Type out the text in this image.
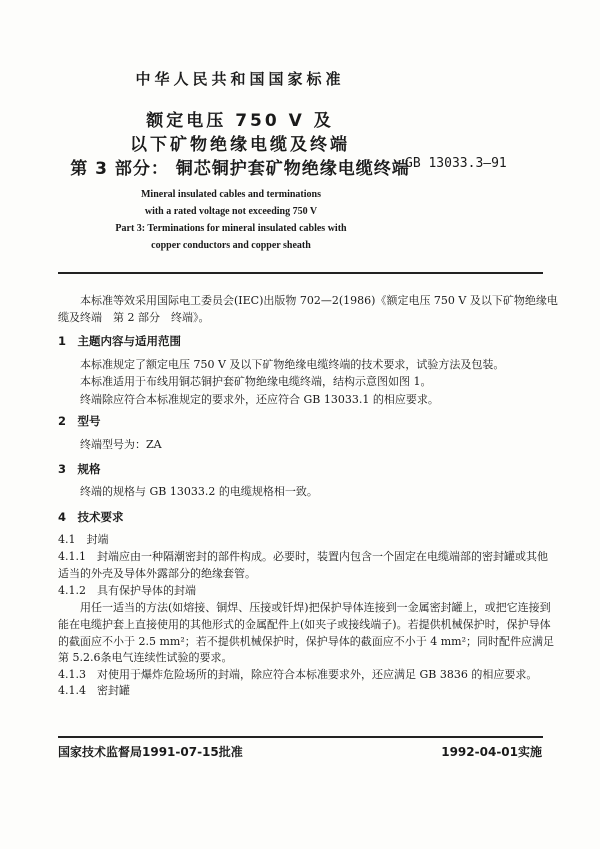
中华人民共和国国家标准
额定电压 750 V 及
以下矿物绝缘电缆及终端
第 3 部分： 铜芯铜护套矿物绝缘电缆终端
GB 13033.3—91
Mineral insulated cables and terminations
with a rated voltage not exceeding 750 V
Part 3: Terminations for mineral insulated cables with
copper conductors and copper sheath
本标准等效采用国际电工委员会(IEC)出版物 702—2(1986)《额定电压 750 V 及以下矿物绝缘电
缆及终端　第 2 部分　终端》。
1　主题内容与适用范围
本标准规定了额定电压 750 V 及以下矿物绝缘电缆终端的技术要求，试验方法及包装。
本标准适用于布线用铜芯铜护套矿物绝缘电缆终端，结构示意图如图 1。
终端除应符合本标准规定的要求外，还应符合 GB 13033.1 的相应要求。
2　型号
终端型号为：ZA
3　规格
终端的规格与 GB 13033.2 的电缆规格相一致。
4　技术要求
4.1　封端
4.1.1　封端应由一种隔潮密封的部件构成。必要时，装置内包含一个固定在电缆端部的密封罐或其他
适当的外壳及导体外露部分的绝缘套管。
4.1.2　具有保护导体的封端
用任一适当的方法(如熔接、铜焊、压接或钎焊)把保护导体连接到一金属密封罐上，或把它连接到
能在电缆护套上直接使用的其他形式的金属配件上(如夹子或接线端子)。若提供机械保护时，保护导体
的截面应不小于 2.5 mm²；若不提供机械保护时，保护导体的截面应不小于 4 mm²；同时配件应满足
第 5.2.6条电气连续性试验的要求。
4.1.3　对使用于爆炸危险场所的封端，除应符合本标准要求外，还应满足 GB 3836 的相应要求。
4.1.4　密封罐
国家技术监督局1991-07-15批准	1992-04-01实施
